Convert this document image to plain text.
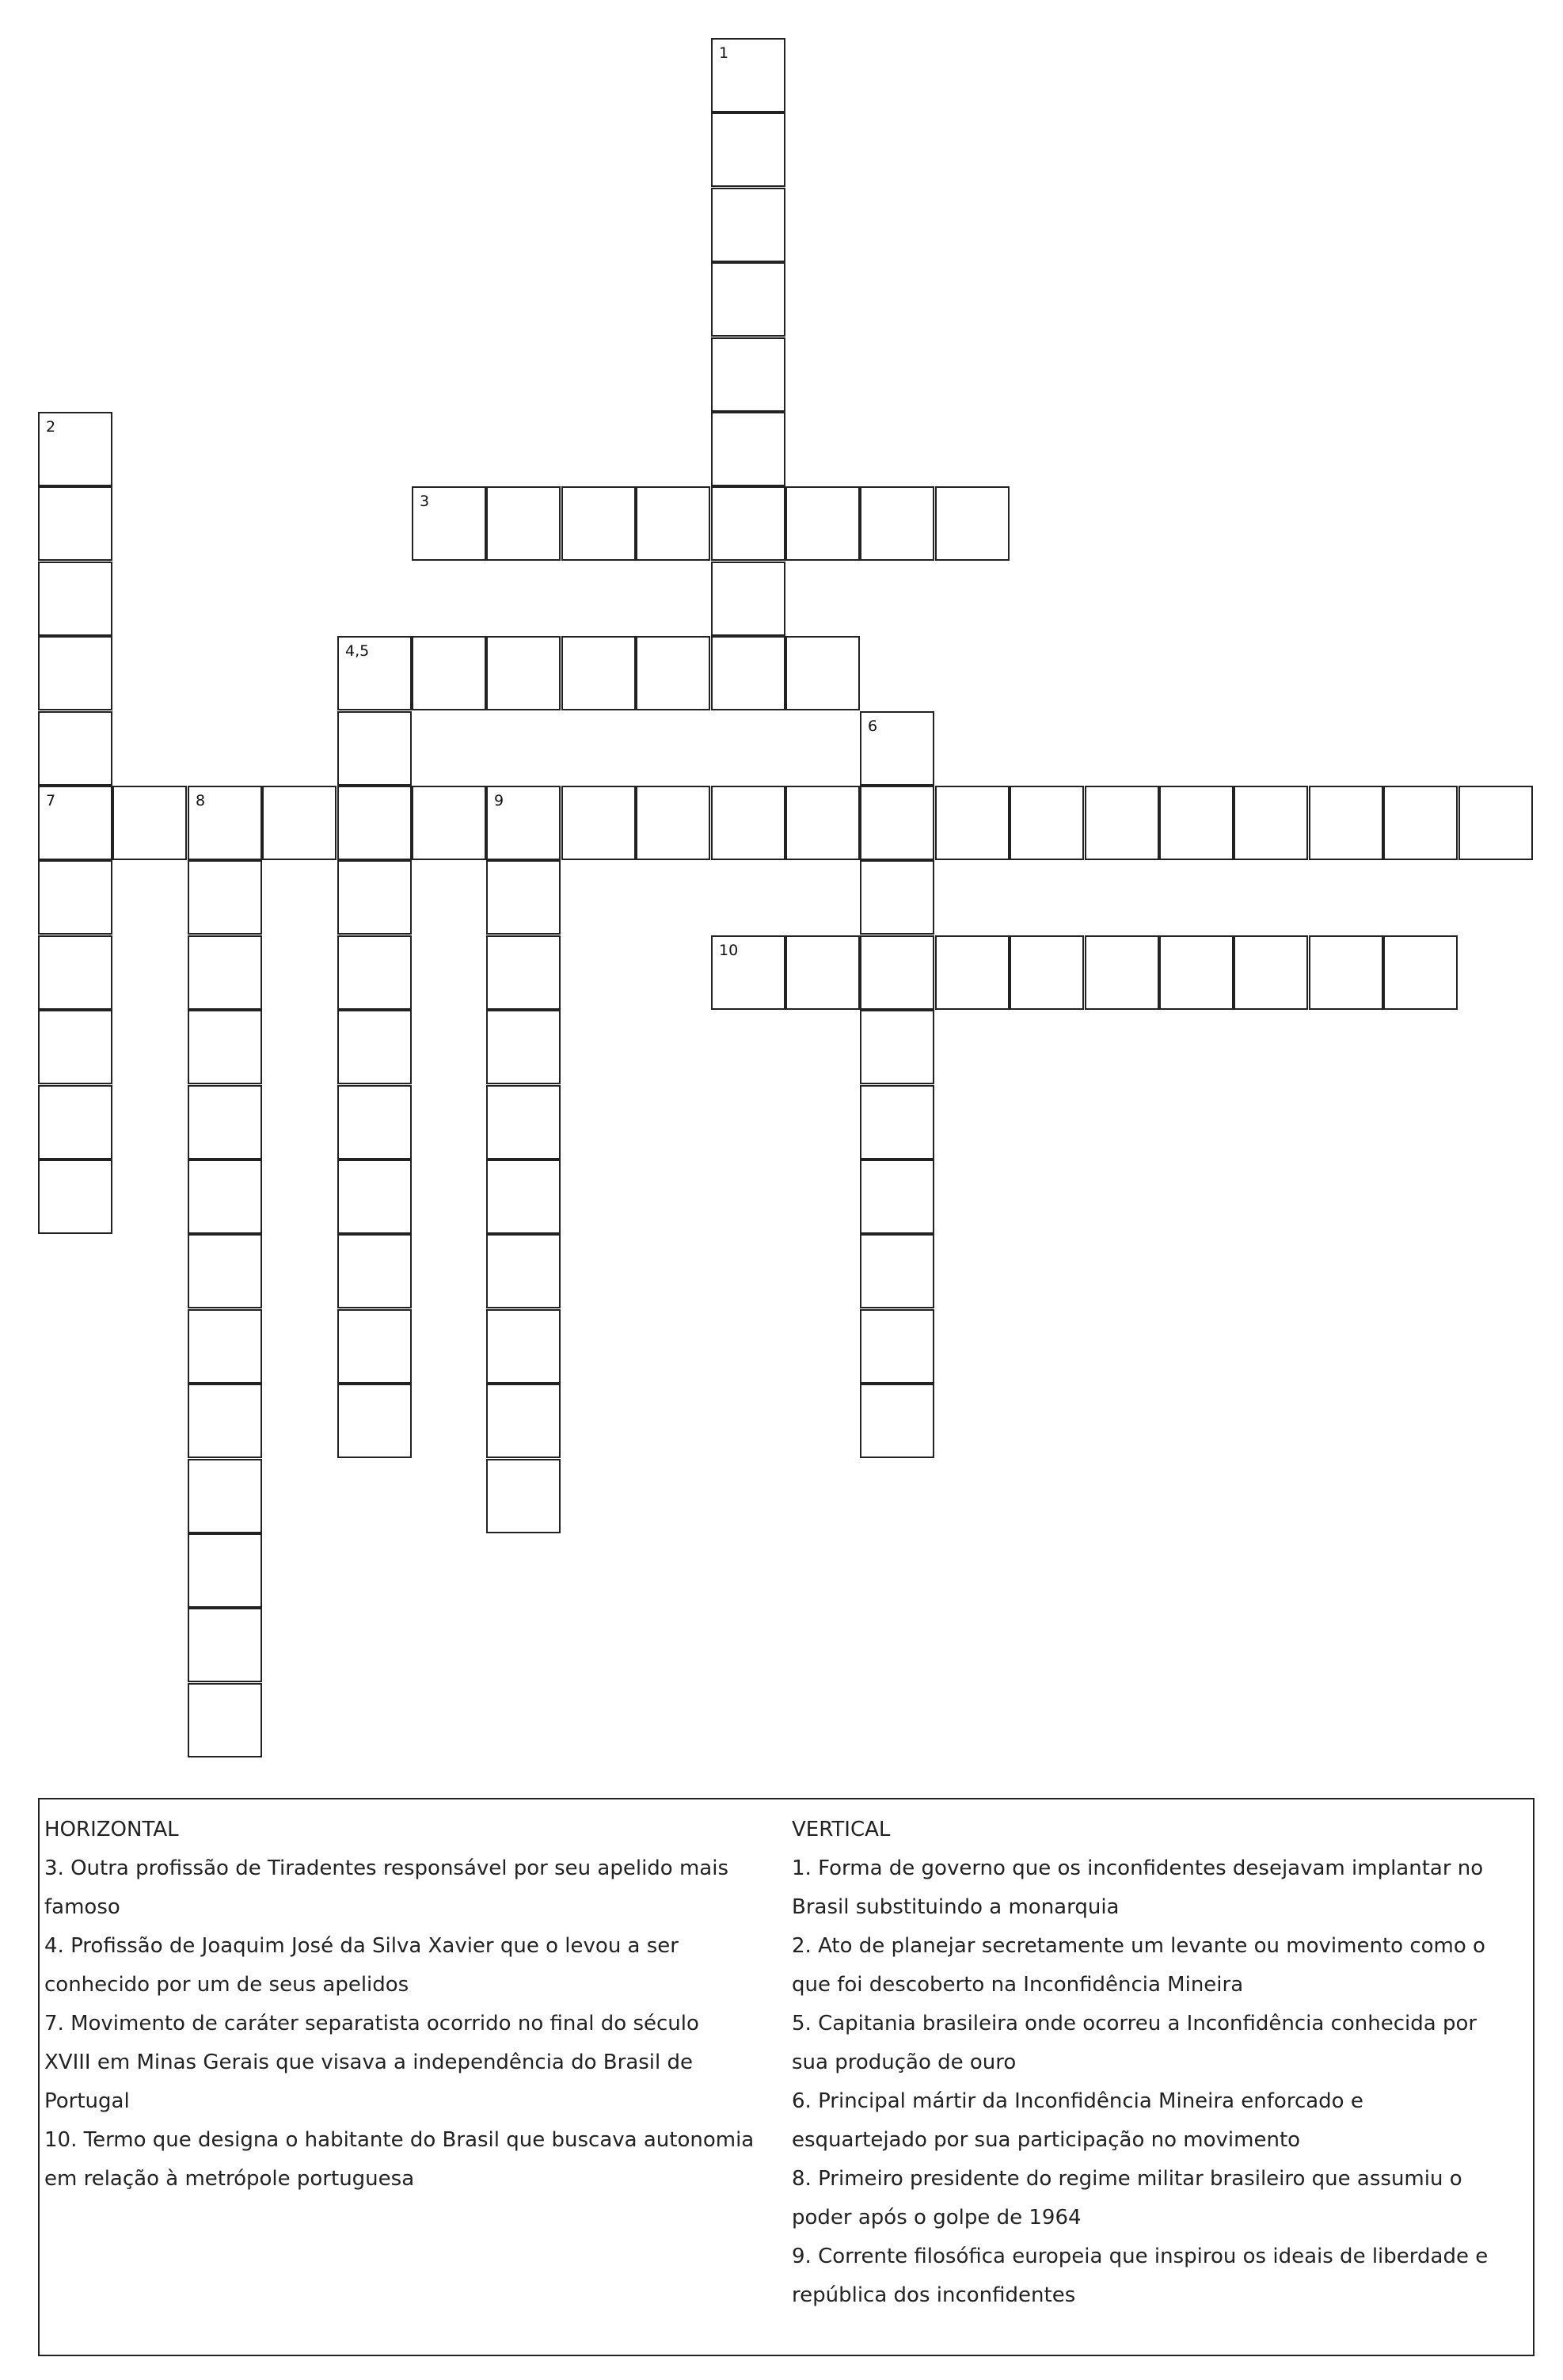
1
2
7
3
4,5
6
8	9
10

HORIZONTAL

3. Outra profissão de Tiradentes responsável por seu apelido mais

famoso

4. Profissão de Joaquim José da Silva Xavier que o levou a ser

conhecido por um de seus apelidos

7. Movimento de caráter separatista ocorrido no final do século

XVIII em Minas Gerais que visava a independência do Brasil de

Portugal

10. Termo que designa o habitante do Brasil que buscava autonomia

em relação à metrópole portuguesa

VERTICAL

1. Forma de governo que os inconfidentes desejavam implantar no

Brasil substituindo a monarquia

2. Ato de planejar secretamente um levante ou movimento como o

que foi descoberto na Inconfidência Mineira

5. Capitania brasileira onde ocorreu a Inconfidência conhecida por

sua produção de ouro

6. Principal mártir da Inconfidência Mineira enforcado e

esquartejado por sua participação no movimento

8. Primeiro presidente do regime militar brasileiro que assumiu o

poder após o golpe de 1964

9. Corrente filosófica europeia que inspirou os ideais de liberdade e

república dos inconfidentes
